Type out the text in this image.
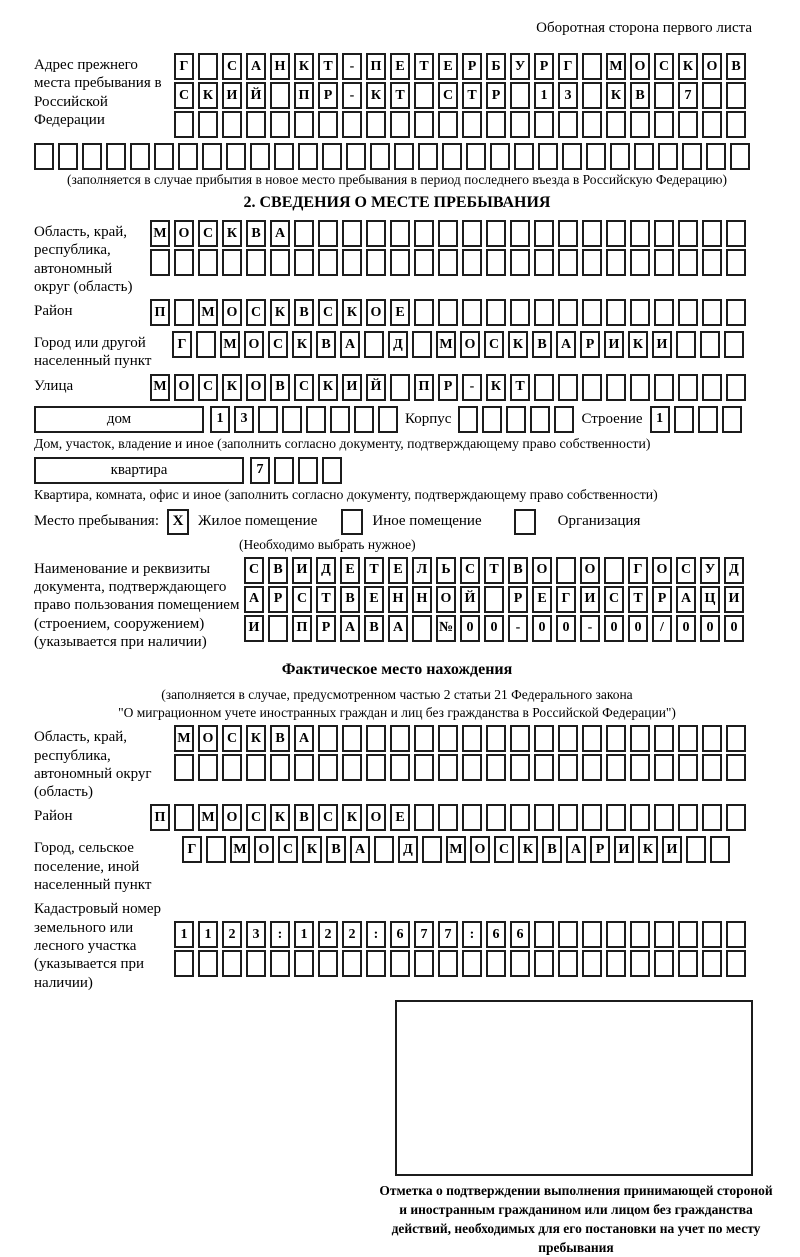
Оборотная сторона первого листа
Адрес прежнего места пребывания в Российской Федерации
Г	С А Н К	Т	-	П Е	Т	Е	Р	Б	У	Р	Г	М О С К О В
С К И Й	П	Р	-	К	Т	С	Т	Р	1	3	К	В	7
(заполняется в случае прибытия в новое место пребывания в период последнего въезда в Российскую Федерацию)
2. СВЕДЕНИЯ О МЕСТЕ ПРЕБЫВАНИЯ
Область, край, республика, автономный округ (область)
М О С К	В	А
Район	П	М О С К	В	С К О Е
Город или другой населенный пункт
Г	М О С К	В	А	Д	М О С К	В	А	Р	И К И
Улица	М О С К О В	С К И Й	П	Р	-	К	Т
дом	1	3	Корпус	Строение 1
Дом, участок, владение и иное (заполнить согласно документу, подтверждающему право собственности)
квартира	7
Квартира, комната, офис и иное (заполнить согласно документу, подтверждающему право собственности)
Место пребывания: X Жилое помещение	Иное помещение	Организация
(Необходимо выбрать нужное)
Наименование и реквизиты документа, подтверждающего право пользования помещением (строением, сооружением) (указывается при наличии)
С	В И Д	Е	Т	Е	Л	Ь	С	Т	В О	О	Г	О С У	Д
А	Р	С	Т	В	Е Н Н О Й	Р	Е	Г	И С	Т	Р	А Ц И
И	П	Р	А	В	А	№ 0	0	-	0	0	-	0	0	/	0	0	0
Фактическое место нахождения
(заполняется в случае, предусмотренном частью 2 статьи 21 Федерального закона
"О миграционном учете иностранных граждан и лиц без гражданства в Российской Федерации")
Область, край, республика, автономный округ (область)
М О С К	В	А
Район	П	М О С К	В	С К О Е
Город, сельское поселение, иной населенный пункт
Г	М О С К	В	А	Д	М О С К	В	А	Р	И К И
Кадастровый номер земельного или лесного участка (указывается при наличии)
1	1	2	3	:	1	2	2	:	6	7	7	:	6	6
Отметка о подтверждении выполнения принимающей стороной и иностранным гражданином или лицом без гражданства действий, необходимых для его постановки на учет по месту пребывания
